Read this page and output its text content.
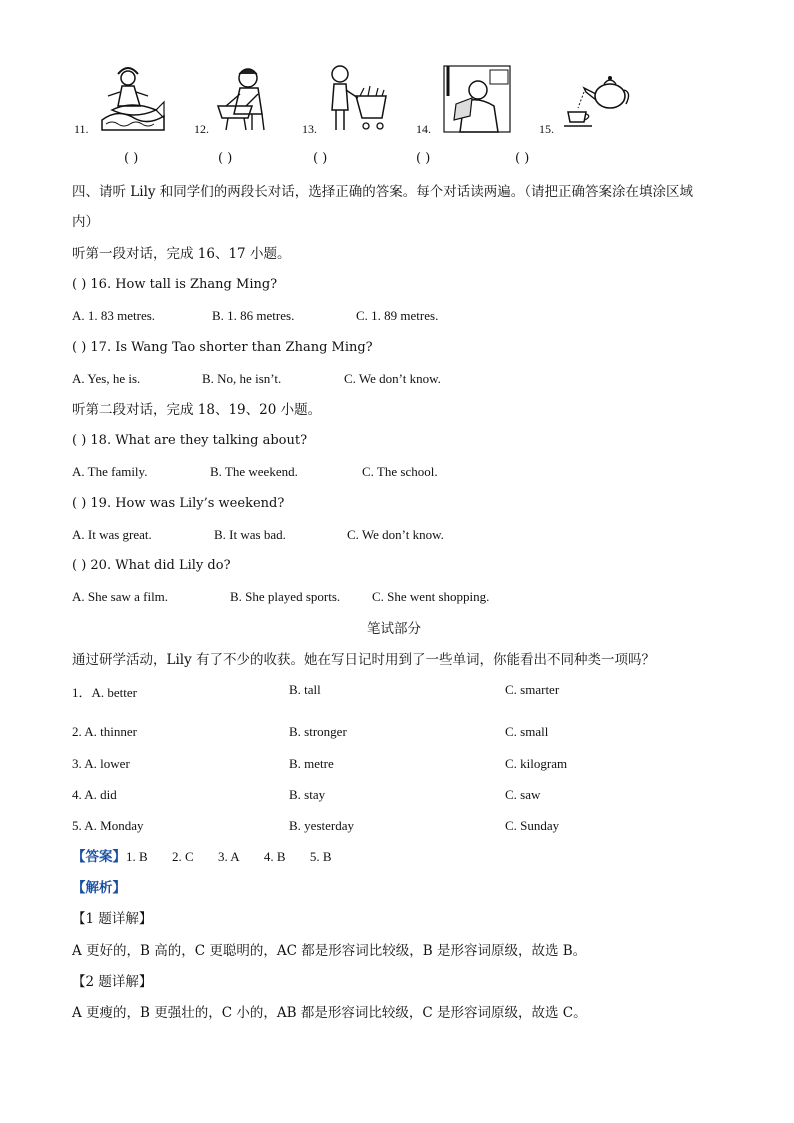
11.	12.	13.	14.	15.
( )	( )	( )	( )	( )
四、请听 Lily 和同学们的两段长对话，选择正确的答案。每个对话读两遍。（请把正确答案涂在填涂区域
内）
听第一段对话，完成 16、17 小题。
( ) 16. How tall is Zhang Ming?
A. 1. 83 metres.	B. 1. 86 metres.	C. 1. 89 metres.
( ) 17. Is Wang Tao shorter than Zhang Ming?
A. Yes, he is.	B. No, he isn’t.	C. We don’t know.
听第二段对话，完成 18、19、20 小题。
( ) 18. What are they talking about?
A. The family.	B. The weekend.	C. The school.
( ) 19. How was Lily’s weekend?
A. It was great.	B. It was bad.	C. We don’t know.
( ) 20. What did Lily do?
A. She saw a film.	B. She played sports. C. She went shopping.
笔试部分
通过研学活动，Lily 有了不少的收获。她在写日记时用到了一些单词，你能看出不同种类一项吗？
1．A. better	B. tall	C. smarter
2. A. thinner	B. stronger	C. small
3. A. lower	B. metre	C. kilogram
4. A. did	B. stay	C. saw
5. A. Monday	B. yesterday	C. Sunday
【答案】1. B 2. C 3. A 4. B 5. B
【解析】
【1 题详解】
A 更好的，B 高的，C 更聪明的，AC 都是形容词比较级，B 是形容词原级，故选 B。
【2 题详解】
A 更瘦的，B 更强壮的，C 小的，AB 都是形容词比较级，C 是形容词原级，故选 C。
